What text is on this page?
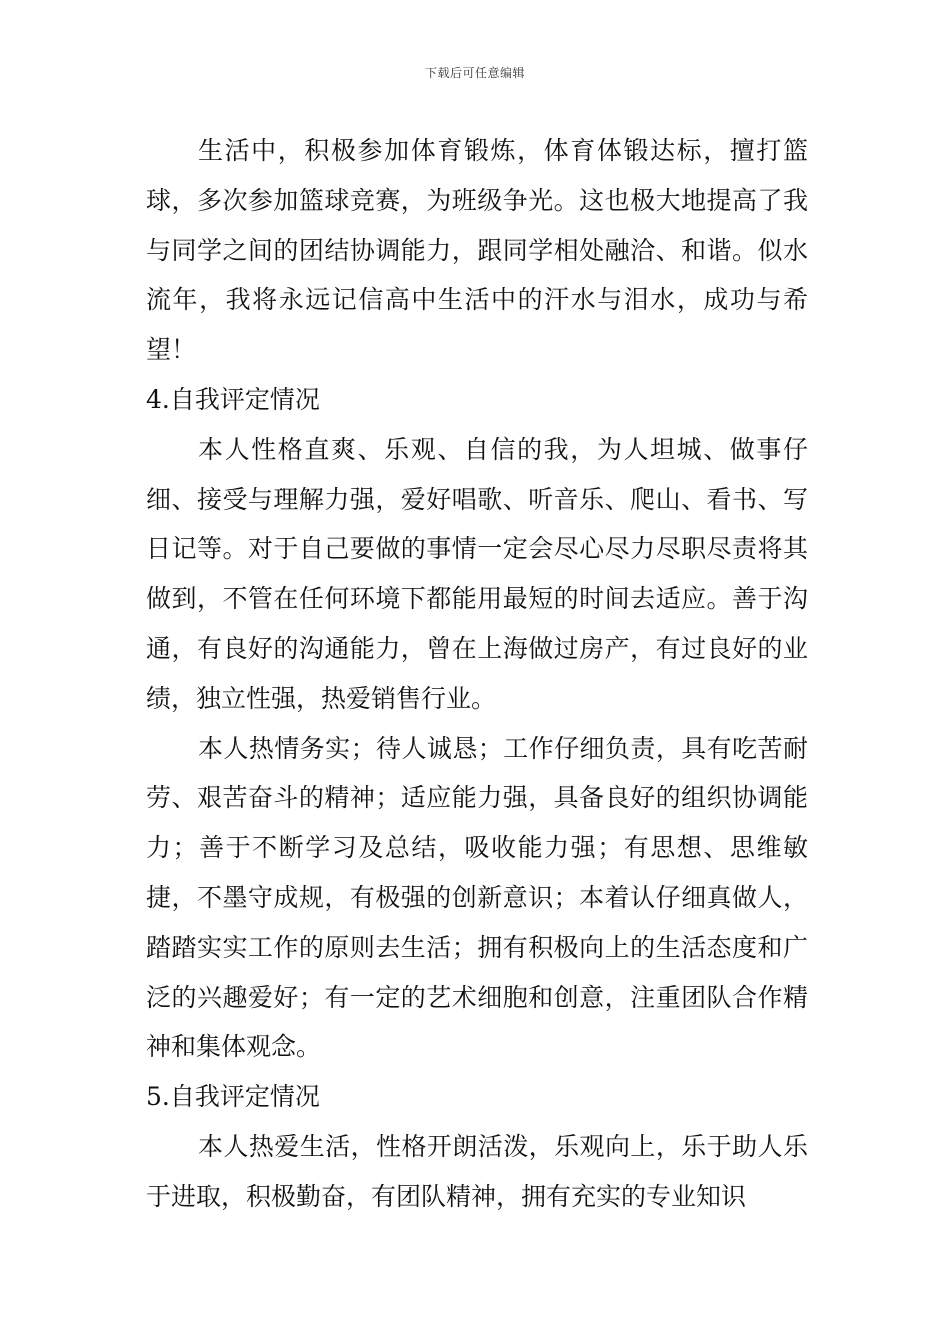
下载后可任意编辑

生活中，积极参加体育锻炼，体育体锻达标，擅打篮球，多次参加篮球竞赛，为班级争光。这也极大地提高了我与同学之间的团结协调能力，跟同学相处融洽、和谐。似水流年，我将永远记信高中生活中的汗水与泪水，成功与希望！

4.自我评定情况

本人性格直爽、乐观、自信的我，为人坦城、做事仔细、接受与理解力强，爱好唱歌、听音乐、爬山、看书、写日记等。对于自己要做的事情一定会尽心尽力尽职尽责将其做到，不管在任何环境下都能用最短的时间去适应。善于沟通，有良好的沟通能力，曾在上海做过房产，有过良好的业绩，独立性强，热爱销售行业。

本人热情务实；待人诚恳；工作仔细负责，具有吃苦耐劳、艰苦奋斗的精神；适应能力强，具备良好的组织协调能力；善于不断学习及总结，吸收能力强；有思想、思维敏捷，不墨守成规，有极强的创新意识；本着认仔细真做人，踏踏实实工作的原则去生活；拥有积极向上的生活态度和广泛的兴趣爱好；有一定的艺术细胞和创意，注重团队合作精神和集体观念。

5.自我评定情况

本人热爱生活，性格开朗活泼，乐观向上，乐于助人乐于进取，积极勤奋，有团队精神，拥有充实的专业知识
